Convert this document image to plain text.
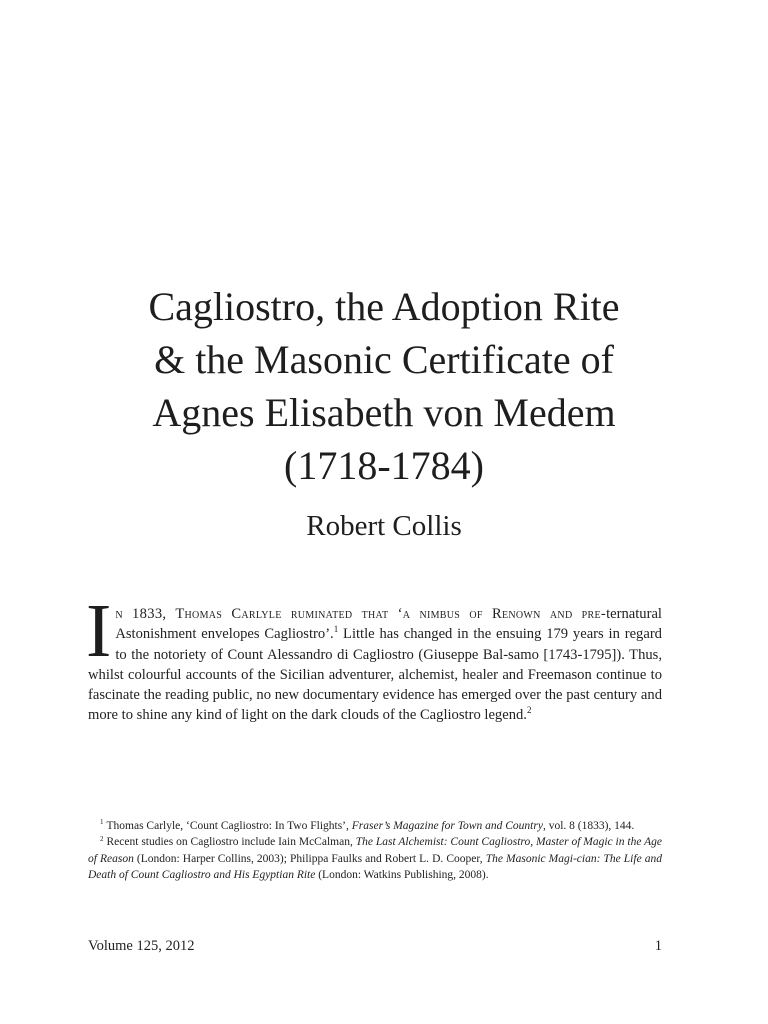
Cagliostro, the Adoption Rite
& the Masonic Certificate of
Agnes Elisabeth von Medem
(1718-1784)

Robert Collis

In 1833, Thomas Carlyle ruminated that ‘a nimbus of Renown and pre-ternatural Astonishment envelopes Cagliostro’.$^1$ Little has changed in the ensuing 179 years in regard to the notoriety of Count Alessandro di Cagliostro (Giuseppe Bal-samo [1743-1795]). Thus, whilst colourful accounts of the Sicilian adventurer, alchemist, healer and Freemason continue to fascinate the reading public, no new documentary evidence has emerged over the past century and more to shine any kind of light on the dark clouds of the Cagliostro legend.$^2$

$^1$ Thomas Carlyle, ‘Count Cagliostro: In Two Flights’, Fraser’s Magazine for Town and Country, vol. 8 (1833), 144.

$^2$ Recent studies on Cagliostro include Iain McCalman, The Last Alchemist: Count Cagliostro, Master of Magic in the Age of Reason (London: Harper Collins, 2003); Philippa Faulks and Robert L. D. Cooper, The Masonic Magi-cian: The Life and Death of Count Cagliostro and His Egyptian Rite (London: Watkins Publishing, 2008).

Volume 125, 2012	1
